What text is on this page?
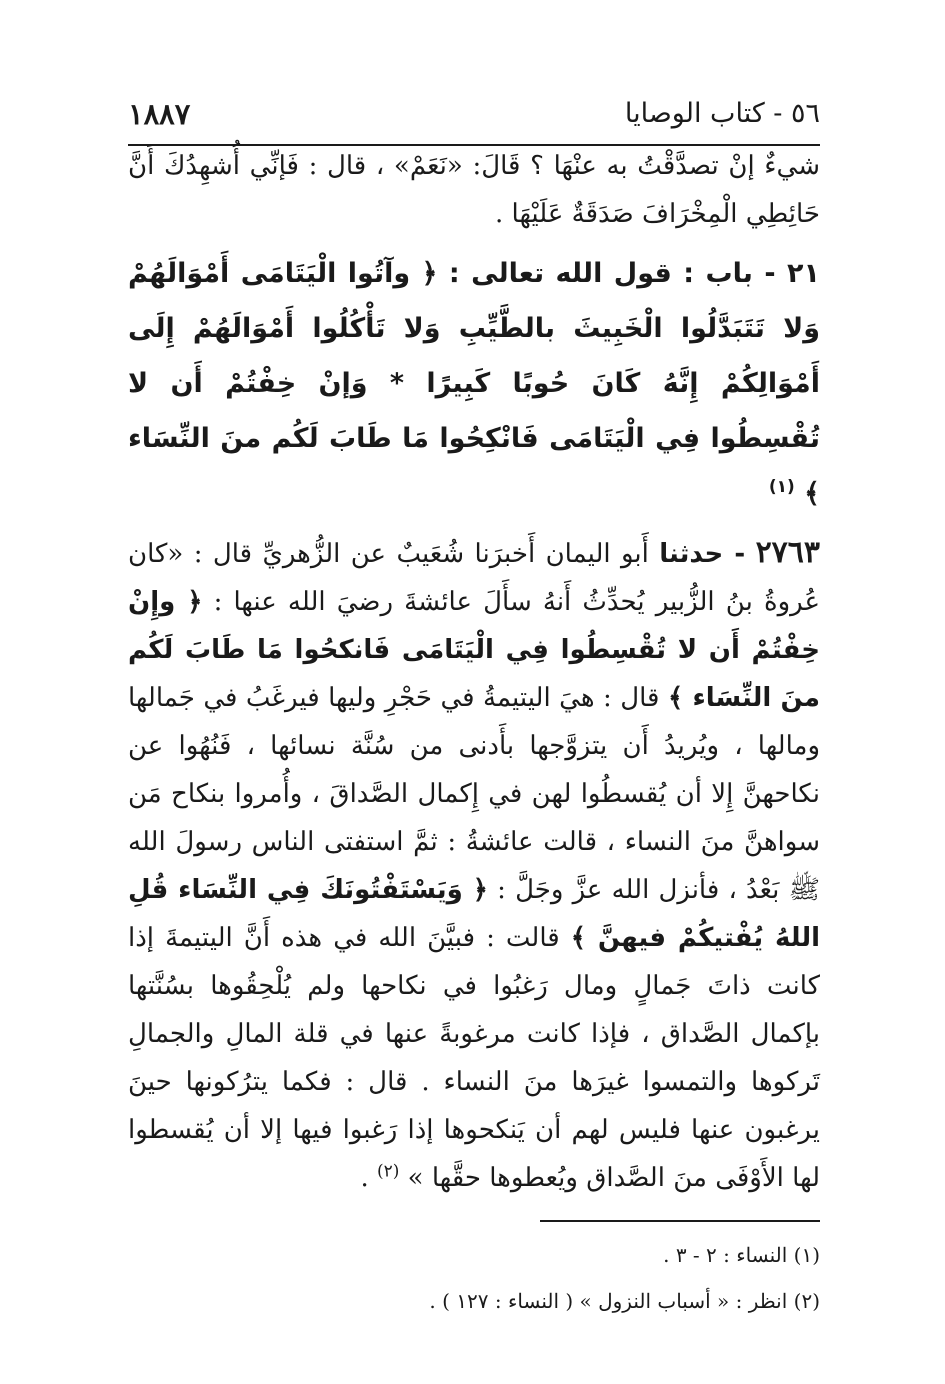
٥٦ - كتاب الوصايا
١٨٨٧

شيءٌ إنْ تصدَّقْتُ به عنْهَا ؟ قَالَ: «نَعَمْ» ، قال : فَإنِّي أُشهِدُكَ أَنَّ حَائِطِي الْمِخْرَافَ صَدَقَةٌ عَلَيْهَا .

٢١ - باب : قول الله تعالى : ﴿ وآتُوا الْيَتَامَى أَمْوَالَهُمْ وَلا تَتَبَدَّلُوا الْخَبِيثَ بالطَّيِّبِ وَلا تَأْكُلُوا أَمْوَالَهُمْ إِلَى أَمْوَالِكُمْ إِنَّهُ كَانَ حُوبًا كَبِيرًا * وَإنْ خِفْتُمْ أَن لا تُقْسِطُوا فِي الْيَتَامَى فَانْكِحُوا مَا طَابَ لَكُم منَ النِّسَاء ﴾ $^{(١)}$

٢٧٦٣ - حدثنا أَبو اليمان أَخبرَنا شُعَيبٌ عن الزُّهريِّ قال : «كان عُروةُ بنُ الزُّبير يُحدِّثُ أَنهُ سأَلَ عائشةَ رضيَ الله عنها : ﴿ وإِنْ خِفْتُمْ أَن لا تُقْسِطُوا فِي الْيَتَامَى فَانكحُوا مَا طَابَ لَكُم منَ النِّسَاء ﴾ قال : هيَ اليتيمةُ في حَجْرِ وليها فيرغَبُ في جَمالها ومالها ، ويُريدُ أَن يتزوَّجها بأَدنى من سُنَّة نسائها ، فَنُهُوا عن نكاحهنَّ إِلا أن يُقسطُوا لهن في إِكمال الصَّداقَ ، وأُمروا بنكاح مَن سواهنَّ منَ النساء ، قالت عائشةُ : ثمَّ استفتى الناس رسولَ الله ﷺ بَعْدُ ، فأنزل الله عزَّ وجَلَّ : ﴿ وَيَسْتَفْتُونَكَ فِي النِّسَاء قُلِ اللهُ يُفْتيكُمْ فيهنَّ ﴾ قالت : فبيَّنَ الله في هذه أَنَّ اليتيمةَ إذا كانت ذاتَ جَمالٍ ومال رَغبُوا في نكاحها ولم يُلْحِقُوها بسُنَّتها بإكمال الصَّداق ، فإذا كانت مرغوبةً عنها في قلة المالِ والجمالِ تَركوها والتمسوا غيرَها منَ النساء . قال : فكما يترُكونها حينَ يرغبون عنها فليس لهم أن يَنكحوها إذا رَغبوا فيها إلا أن يُقسطوا لها الأَوْفَى منَ الصَّداق ويُعطوها حقَّها » $^{(٢)}$ .

(١) النساء : ٢ - ٣ .

(٢) انظر : « أسباب النزول » ( النساء : ١٢٧ ) .
